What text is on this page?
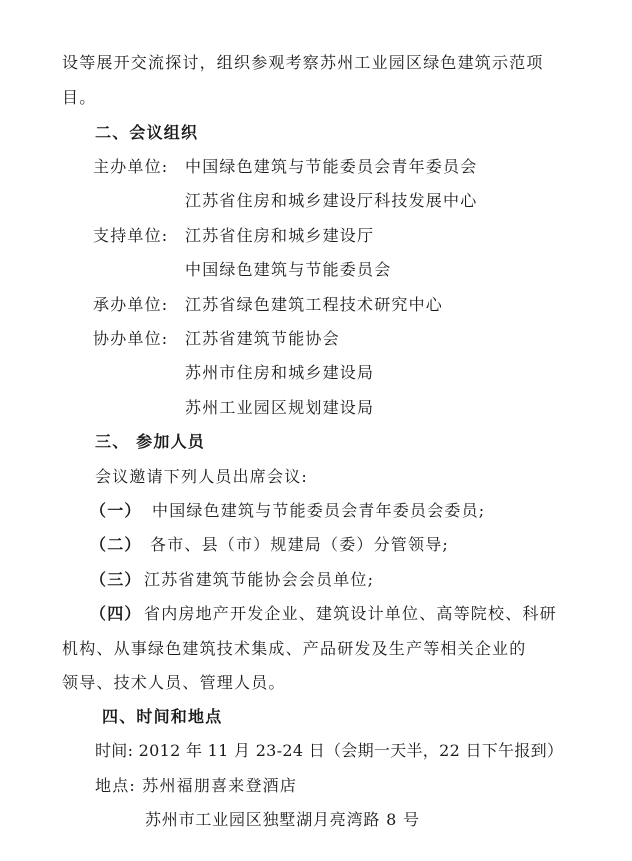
设等展开交流探讨，组织参观考察苏州工业园区绿色建筑示范项
目。
二、会议组织
主办单位: 中国绿色建筑与节能委员会青年委员会
江苏省住房和城乡建设厅科技发展中心
支持单位: 江苏省住房和城乡建设厅
中国绿色建筑与节能委员会
承办单位: 江苏省绿色建筑工程技术研究中心
协办单位: 江苏省建筑节能协会
苏州市住房和城乡建设局
苏州工业园区规划建设局
三、 参加人员
会议邀请下列人员出席会议:
（一） 中国绿色建筑与节能委员会青年委员会委员;
（二） 各市、县（市）规建局（委）分管领导;
（三） 江苏省建筑节能协会会员单位;
（四） 省内房地产开发企业、建筑设计单位、高等院校、科研
机构、从事绿色建筑技术集成、产品研发及生产等相关企业的
领导、技术人员、管理人员。
四、时间和地点
时间: 2012 年 11 月 23-24 日（会期一天半，22 日下午报到）
地点: 苏州福朋喜来登酒店
苏州市工业园区独墅湖月亮湾路 8 号
